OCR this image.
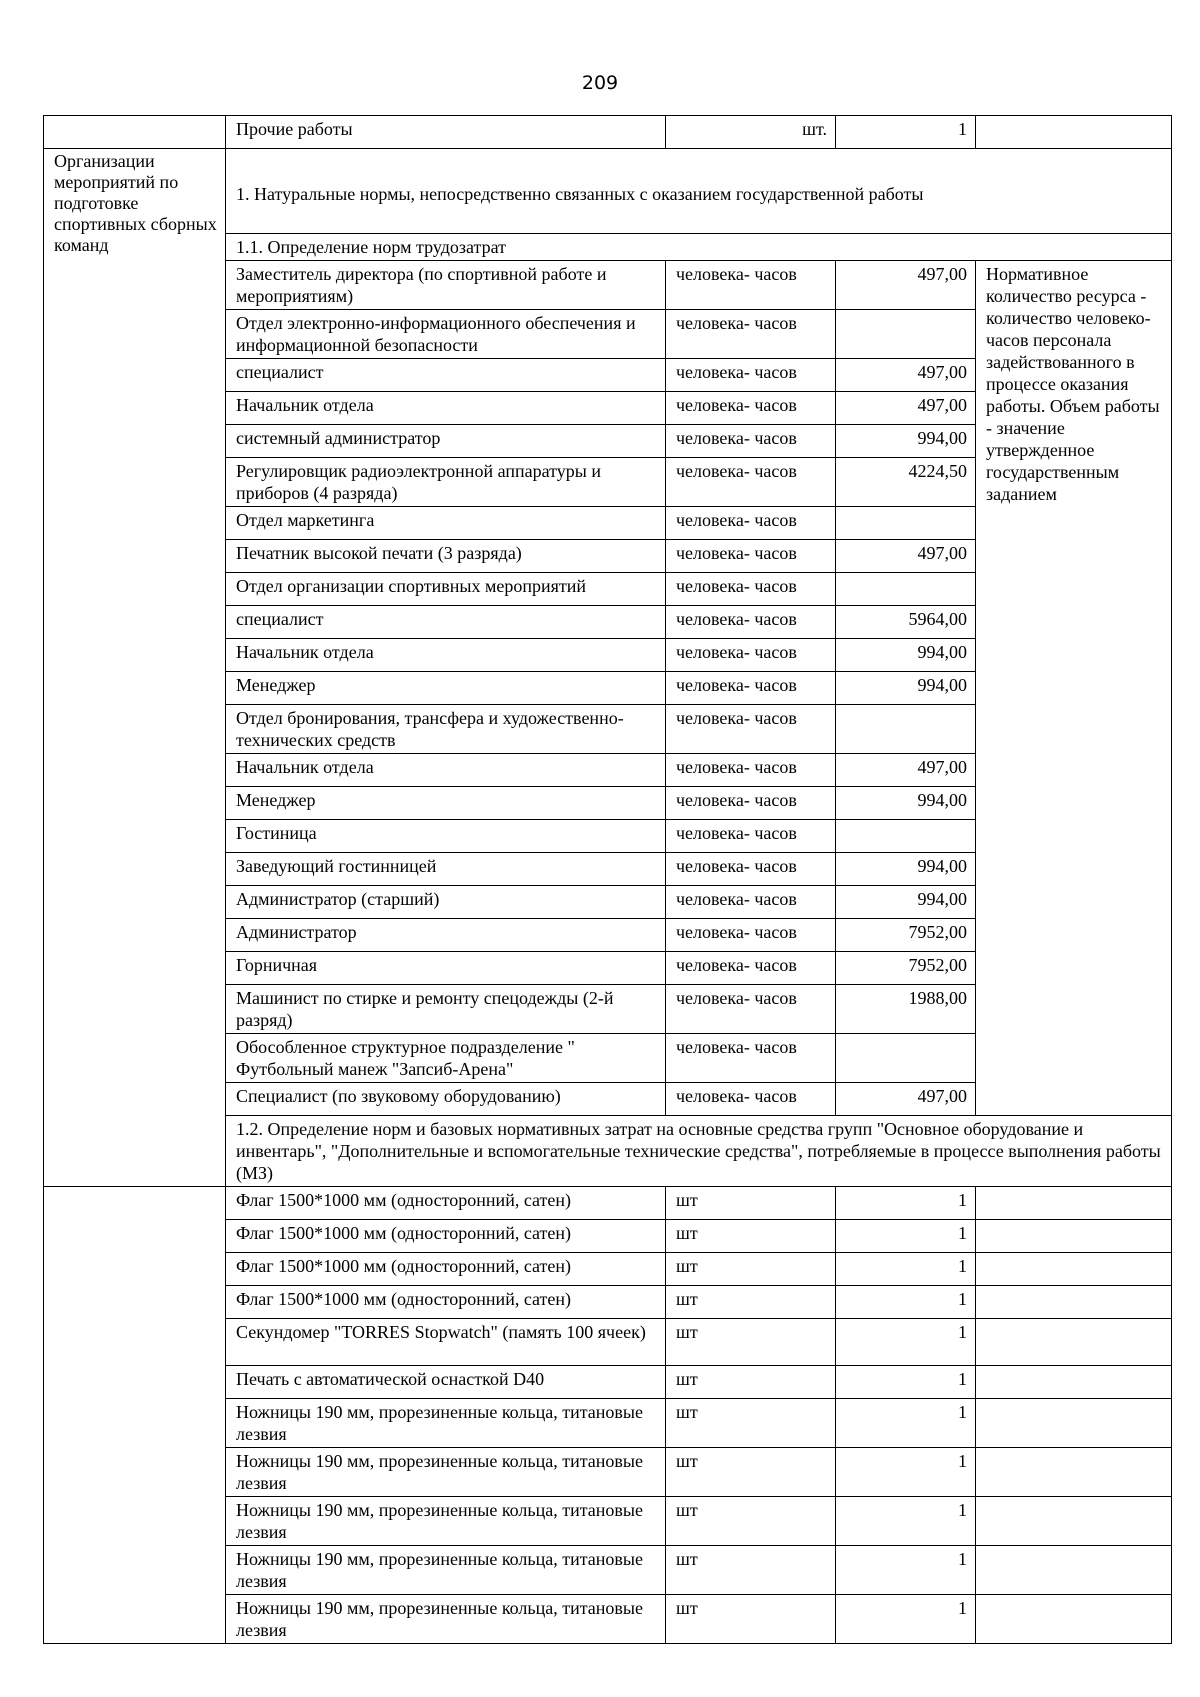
209
	Прочие работы	шт.	1	
Организации мероприятий по подготовке спортивных сборных команд	1. Натуральные нормы, непосредственно связанных с оказанием государственной работы			
	1.1. Определение норм трудозатрат			
	Заместитель директора (по спортивной работе и мероприятиям)	человека- часов	497,00	Нормативное количество ресурса - количество человеко-часов персонала задействованного в процессе оказания работы. Объем работы - значение утвержденное государственным заданием
	Отдел электронно-информационного обеспечения и информационной безопасности	человека- часов		
	специалист	человека- часов	497,00	
	Начальник отдела	человека- часов	497,00	
	системный администратор	человека- часов	994,00	
	Регулировщик радиоэлектронной аппаратуры и приборов (4 разряда)	человека- часов	4224,50	
	Отдел маркетинга	человека- часов		
	Печатник высокой печати (3 разряда)	человека- часов	497,00	
	Отдел организации спортивных мероприятий	человека- часов		
	специалист	человека- часов	5964,00	
	Начальник отдела	человека- часов	994,00	
	Менеджер	человека- часов	994,00	
	Отдел бронирования, трансфера и художественно-технических средств	человека- часов		
	Начальник отдела	человека- часов	497,00	
	Менеджер	человека- часов	994,00	
	Гостиница	человека- часов		
	Заведующий гостинницей	человека- часов	994,00	
	Администратор (старший)	человека- часов	994,00	
	Администратор	человека- часов	7952,00	
	Горничная	человека- часов	7952,00	
	Машинист по стирке и ремонту спецодежды (2-й разряд)	человека- часов	1988,00	
	Обособленное структурное подразделение " Футбольный манеж "Запсиб-Арена"	человека- часов		
	Специалист (по звуковому оборудованию)	человека- часов	497,00	
	1.2. Определение норм и базовых нормативных затрат на основные средства групп "Основное оборудование и инвентарь", "Дополнительные и вспомогательные технические средства", потребляемые в процессе выполнения работы (МЗ)			
	Флаг 1500*1000 мм (односторонний, сатен)	шт	1	
	Флаг 1500*1000 мм (односторонний, сатен)	шт	1	
	Флаг 1500*1000 мм (односторонний, сатен)	шт	1	
	Флаг 1500*1000 мм (односторонний, сатен)	шт	1	
	Секундомер "TORRES Stopwatch" (память 100 ячеек)	шт	1	
	Печать с автоматической оснасткой D40	шт	1	
	Ножницы 190 мм, прорезиненные кольца, титановые лезвия	шт	1	
	Ножницы 190 мм, прорезиненные кольца, титановые лезвия	шт	1	
	Ножницы 190 мм, прорезиненные кольца, титановые лезвия	шт	1	
	Ножницы 190 мм, прорезиненные кольца, титановые лезвия	шт	1	
	Ножницы 190 мм, прорезиненные кольца, титановые лезвия	шт	1	
